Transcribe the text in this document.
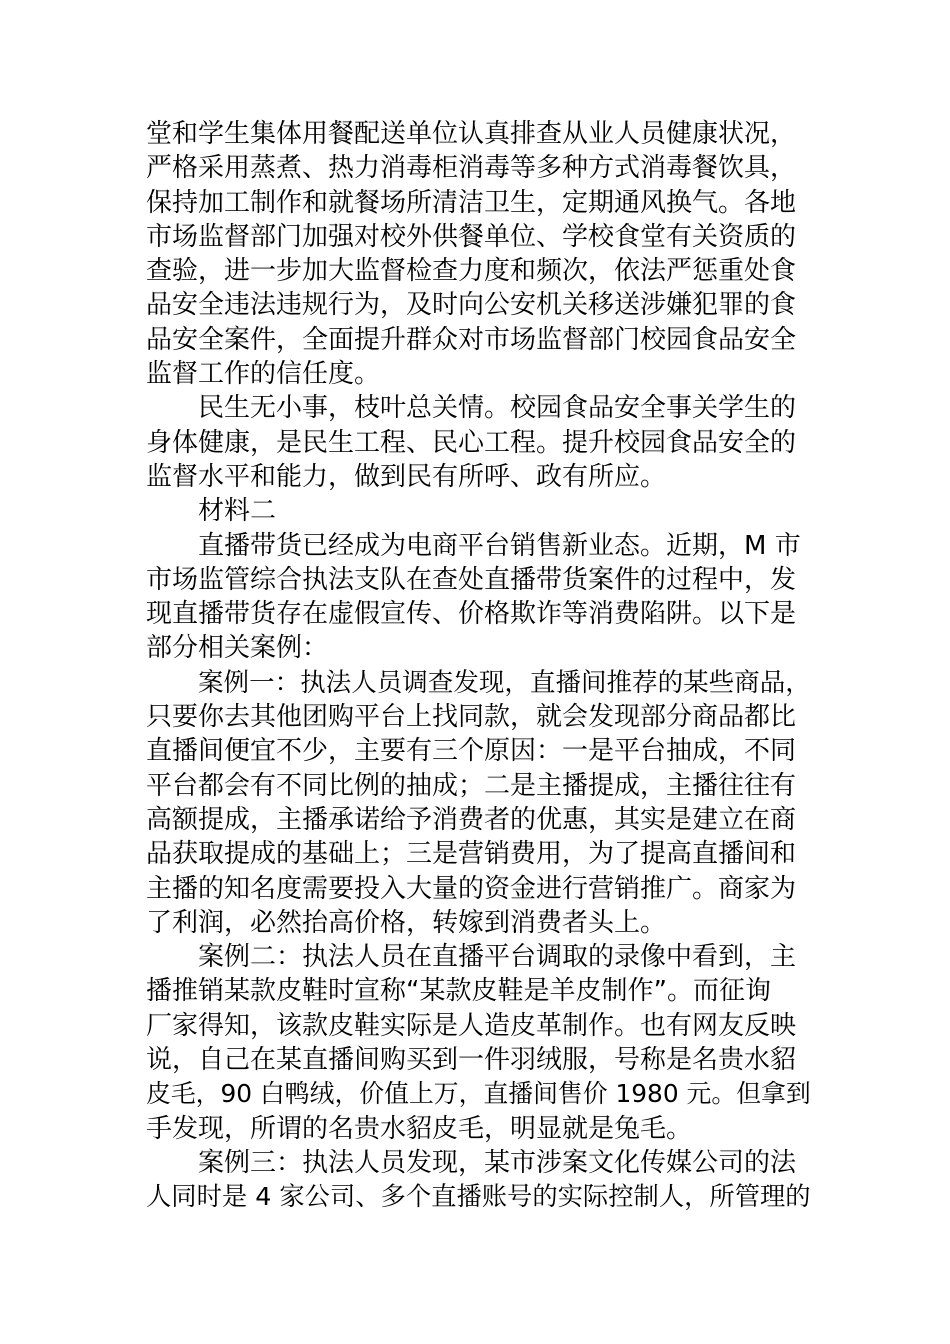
堂和学生集体用餐配送单位认真排查从业人员健康状况，
严格采用蒸煮、热力消毒柜消毒等多种方式消毒餐饮具，
保持加工制作和就餐场所清洁卫生，定期通风换气。各地
市场监督部门加强对校外供餐单位、学校食堂有关资质的
查验，进一步加大监督检查力度和频次，依法严惩重处食
品安全违法违规行为，及时向公安机关移送涉嫌犯罪的食
品安全案件，全面提升群众对市场监督部门校园食品安全
监督工作的信任度。
民生无小事，枝叶总关情。校园食品安全事关学生的
身体健康，是民生工程、民心工程。提升校园食品安全的
监督水平和能力，做到民有所呼、政有所应。
材料二
直播带货已经成为电商平台销售新业态。近期，M 市
市场监管综合执法支队在查处直播带货案件的过程中，发
现直播带货存在虚假宣传、价格欺诈等消费陷阱。以下是
部分相关案例：
案例一：执法人员调查发现，直播间推荐的某些商品，
只要你去其他团购平台上找同款，就会发现部分商品都比
直播间便宜不少，主要有三个原因：一是平台抽成，不同
平台都会有不同比例的抽成；二是主播提成，主播往往有
高额提成，主播承诺给予消费者的优惠，其实是建立在商
品获取提成的基础上；三是营销费用，为了提高直播间和
主播的知名度需要投入大量的资金进行营销推广。商家为
了利润，必然抬高价格，转嫁到消费者头上。
案例二：执法人员在直播平台调取的录像中看到，主
播推销某款皮鞋时宣称“某款皮鞋是羊皮制作”。而征询
厂家得知，该款皮鞋实际是人造皮革制作。也有网友反映
说，自己在某直播间购买到一件羽绒服，号称是名贵水貂
皮毛，90 白鸭绒，价值上万，直播间售价 1980 元。但拿到
手发现，所谓的名贵水貂皮毛，明显就是兔毛。
案例三：执法人员发现，某市涉案文化传媒公司的法
人同时是 4 家公司、多个直播账号的实际控制人，所管理的
